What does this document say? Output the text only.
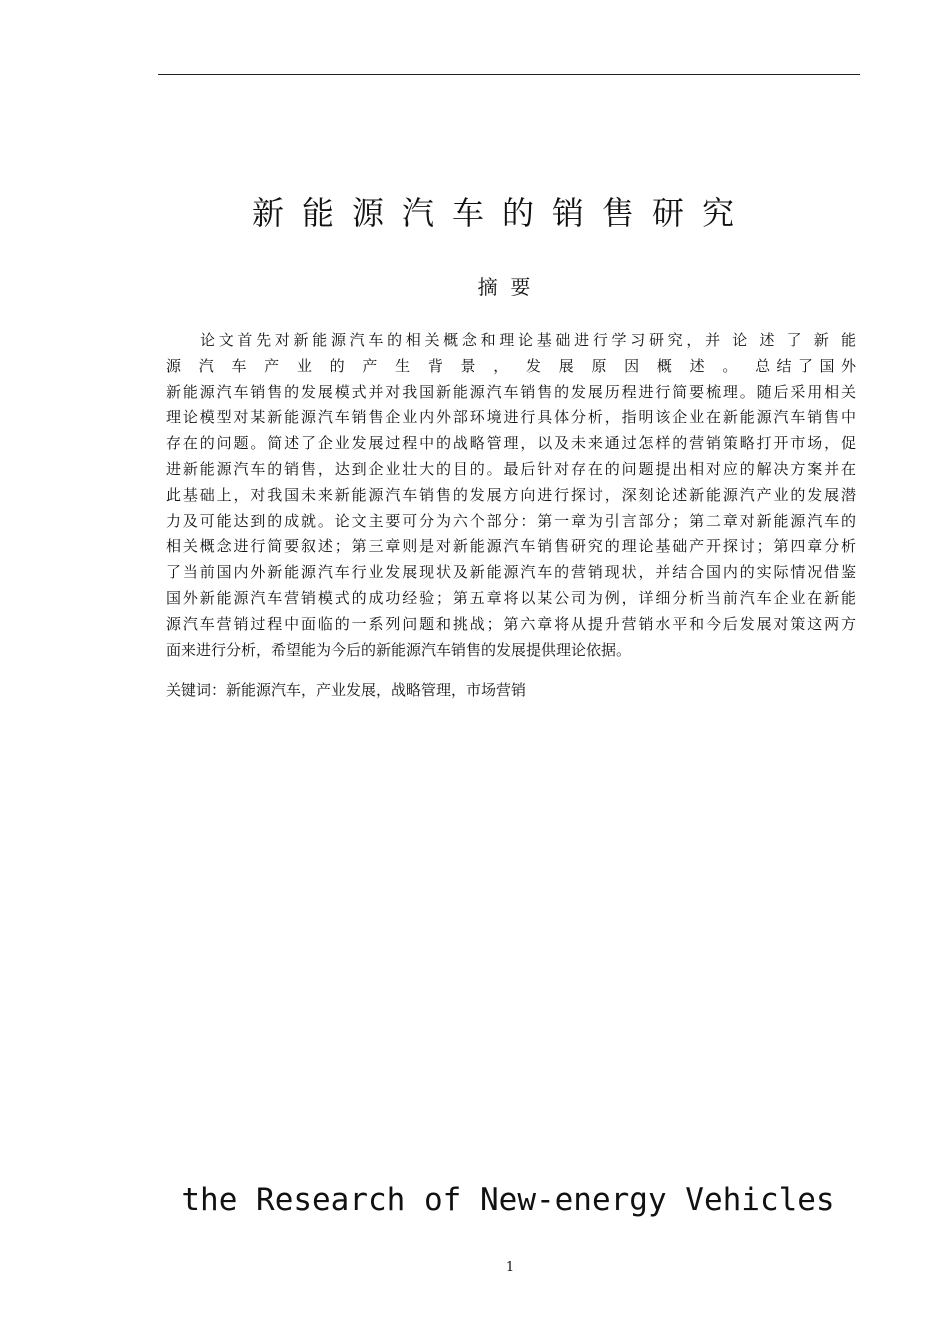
新能源汽车的销售研究
摘  要
论文首先对新能源汽车的相关概念和理论基础进行学习研究，并 论 述 了 新 能
源 汽 车 产 业 的 产 生 背 景 ， 发 展 原 因 概 述 。 总结了国外
新能源汽车销售的发展模式并对我国新能源汽车销售的发展历程进行简要梳理。随后采用相关
理论模型对某新能源汽车销售企业内外部环境进行具体分析，指明该企业在新能源汽车销售中
存在的问题。简述了企业发展过程中的战略管理，以及未来通过怎样的营销策略打开市场，促
进新能源汽车的销售，达到企业壮大的目的。最后针对存在的问题提出相对应的解决方案并在
此基础上，对我国未来新能源汽车销售的发展方向进行探讨，深刻论述新能源汽产业的发展潜
力及可能达到的成就。论文主要可分为六个部分：第一章为引言部分；第二章对新能源汽车的
相关概念进行简要叙述；第三章则是对新能源汽车销售研究的理论基础产开探讨；第四章分析
了当前国内外新能源汽车行业发展现状及新能源汽车的营销现状，并结合国内的实际情况借鉴
国外新能源汽车营销模式的成功经验；第五章将以某公司为例，详细分析当前汽车企业在新能
源汽车营销过程中面临的一系列问题和挑战；第六章将从提升营销水平和今后发展对策这两方
面来进行分析，希望能为今后的新能源汽车销售的发展提供理论依据。
关键词：新能源汽车，产业发展，战略管理，市场营销
the Research of New-energy Vehicles
1
